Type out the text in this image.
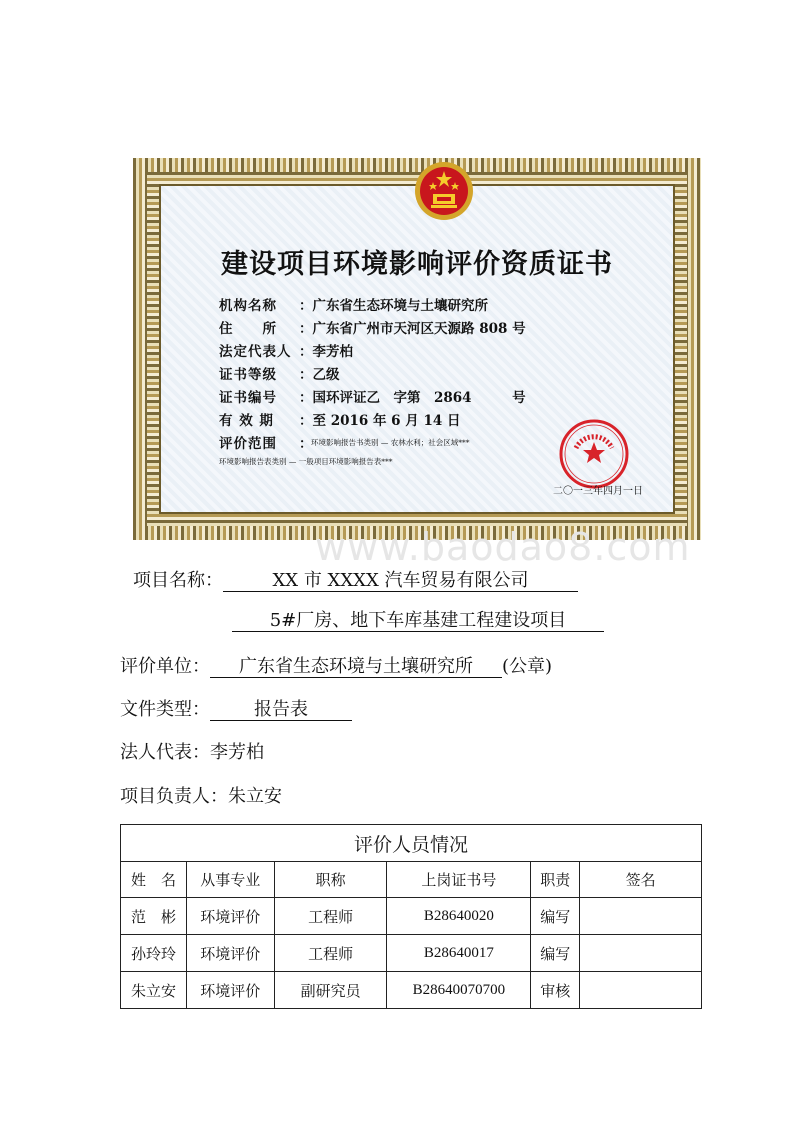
建设项目环境影响评价资质证书
机构名称 ：广东省生态环境与土壤研究所
住　　所 ：广东省广州市天河区天源路 808 号
法定代表人 ：李芳柏
证书等级 ：乙级
证书编号 ：国环评证乙　字第　2864　　　号
有 效 期 ：至 2016 年 6 月 14 日
评价范围 ：
环境影响报告书类别 — 农林水利；社会区域***
环境影响报告表类别 — 一般项目环境影响报告表***
二〇一三年四月一日
www.baodao8.com
项目名称：	XX 市 XXXX 汽车贸易有限公司
5#厂房、地下车库基建工程建设项目
评价单位： 广东省生态环境与土壤研究所 (公章)
文件类型： 报告表
法人代表：李芳柏
项目负责人：朱立安
评价人员情况					
姓　名	从事专业	职称	上岗证书号	职责	签名
范　彬	环境评价	工程师	B28640020	编写	
孙玲玲	环境评价	工程师	B28640017	编写	
朱立安	环境评价	副研究员	B28640070700	审核	
